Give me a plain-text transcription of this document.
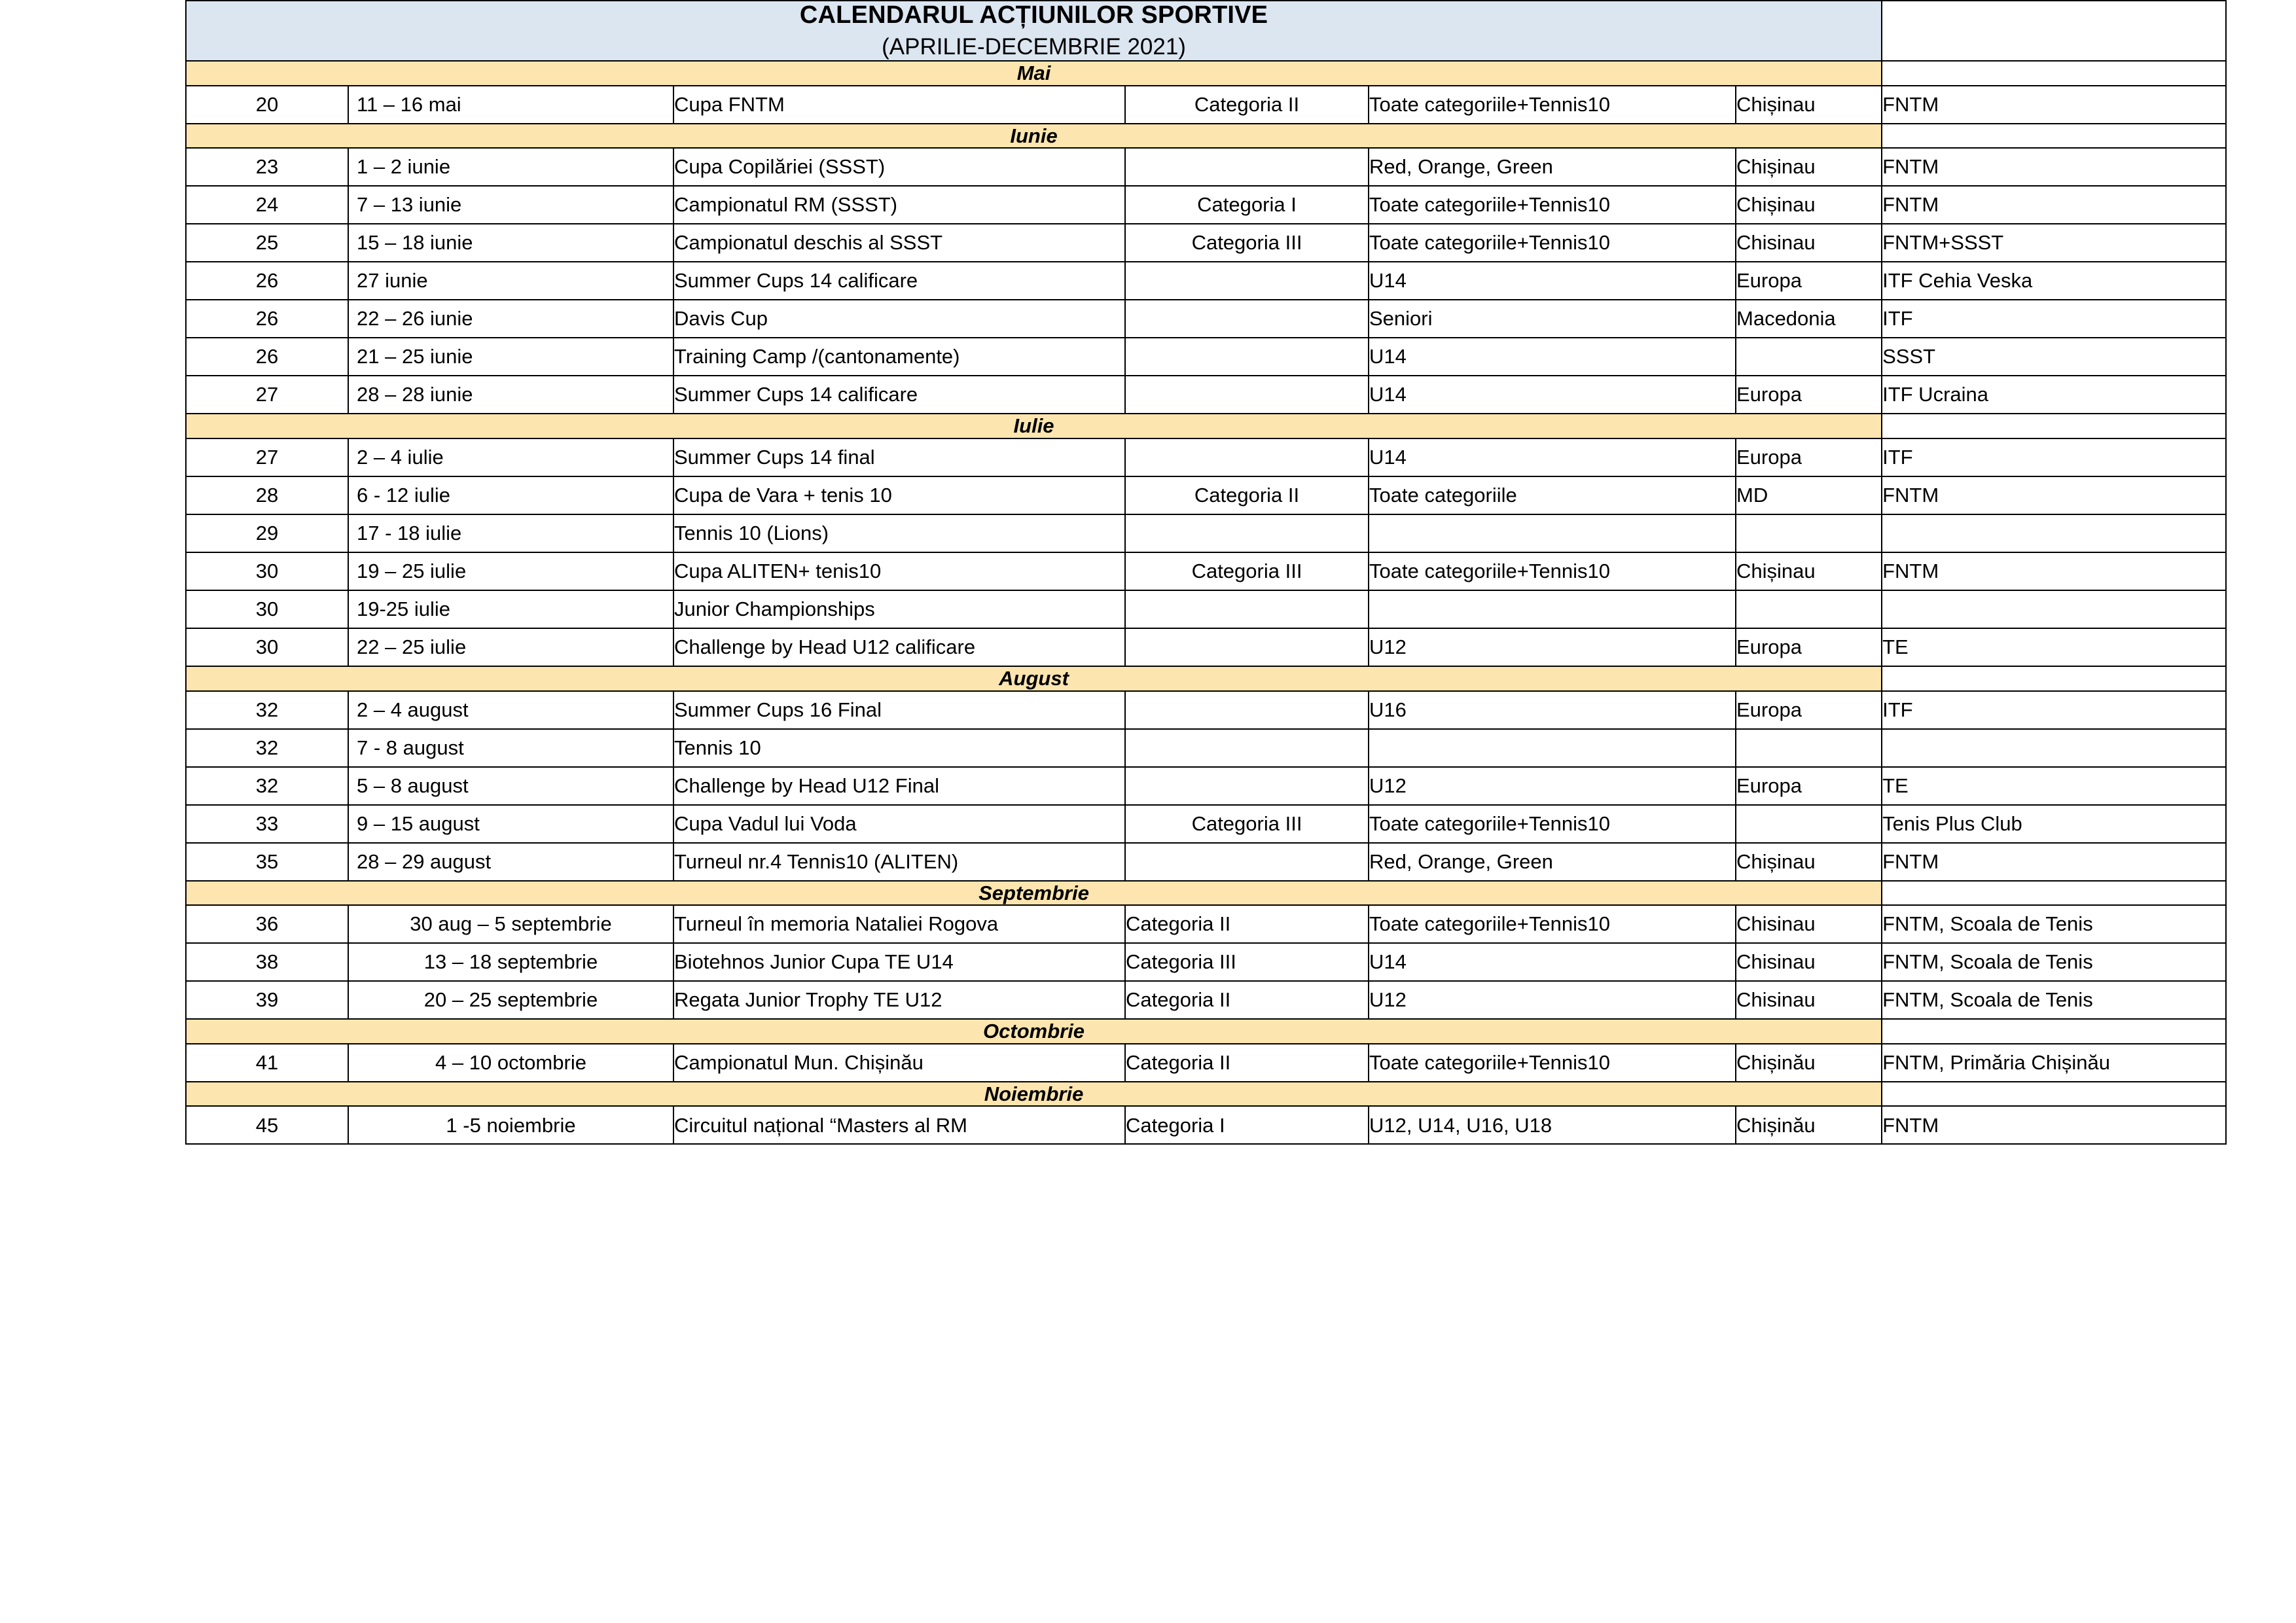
CALENDARUL ACȚIUNILOR SPORTIVE
(APRILIE-DECEMBRIE 2021)						

Mai						
20	11 – 16 mai	Cupa FNTM	Categoria II	Toate categoriile+Tennis10	Chișinau	FNTM
Iunie						
23	1 – 2 iunie	Cupa Copilăriei (SSST)		Red, Orange, Green	Chișinau	FNTM
24	7 – 13 iunie	Campionatul RM (SSST)	Categoria I	Toate categoriile+Tennis10	Chișinau	FNTM
25	15 – 18 iunie	Campionatul deschis al SSST	Categoria III	Toate categoriile+Tennis10	Chisinau	FNTM+SSST
26	27 iunie	Summer Cups 14 calificare		U14	Europa	ITF Cehia Veska
26	22 – 26 iunie	Davis Cup		Seniori	Macedonia	ITF
26	21 – 25 iunie	Training Camp /(cantonamente)		U14		SSST
27	28 – 28 iunie	Summer Cups 14 calificare		U14	Europa	ITF Ucraina
Iulie						
27	2 – 4 iulie	Summer Cups 14 final		U14	Europa	ITF
28	6 - 12 iulie	Cupa de Vara + tenis 10	Categoria II	Toate categoriile	MD	FNTM
29	17 - 18 iulie	Tennis 10 (Lions)				
30	19 – 25 iulie	Cupa ALITEN+ tenis10	Categoria III	Toate categoriile+Tennis10	Chișinau	FNTM
30	19-25 iulie	Junior Championships				
30	22 – 25 iulie	Challenge by Head U12 calificare		U12	Europa	TE
August						
32	2 – 4 august	Summer Cups 16 Final		U16	Europa	ITF
32	7 - 8 august	Tennis 10				
32	5 – 8 august	Challenge by Head U12 Final		U12	Europa	TE
33	9 – 15 august	Cupa Vadul lui Voda	Categoria III	Toate categoriile+Tennis10		Tenis Plus Club
35	28 – 29 august	Turneul nr.4 Tennis10 (ALITEN)		Red, Orange, Green	Chișinau	FNTM
Septembrie						
36	30 aug – 5 septembrie	Turneul în memoria Nataliei Rogova	Categoria II	Toate categoriile+Tennis10	Chisinau	FNTM, Scoala de Tenis
38	13 – 18 septembrie	Biotehnos Junior Cupa TE U14	Categoria III	U14	Chisinau	FNTM, Scoala de Tenis
39	20 – 25 septembrie	Regata Junior Trophy TE U12	Categoria II	U12	Chisinau	FNTM, Scoala de Tenis
Octombrie						
41	4 – 10 octombrie	Campionatul Mun. Chișinău	Categoria II	Toate categoriile+Tennis10	Chișinău	FNTM, Primăria Chișinău
Noiembrie						
45	1 -5 noiembrie	Circuitul național “Masters al RM	Categoria I	U12, U14, U16, U18	Chișinău	FNTM
